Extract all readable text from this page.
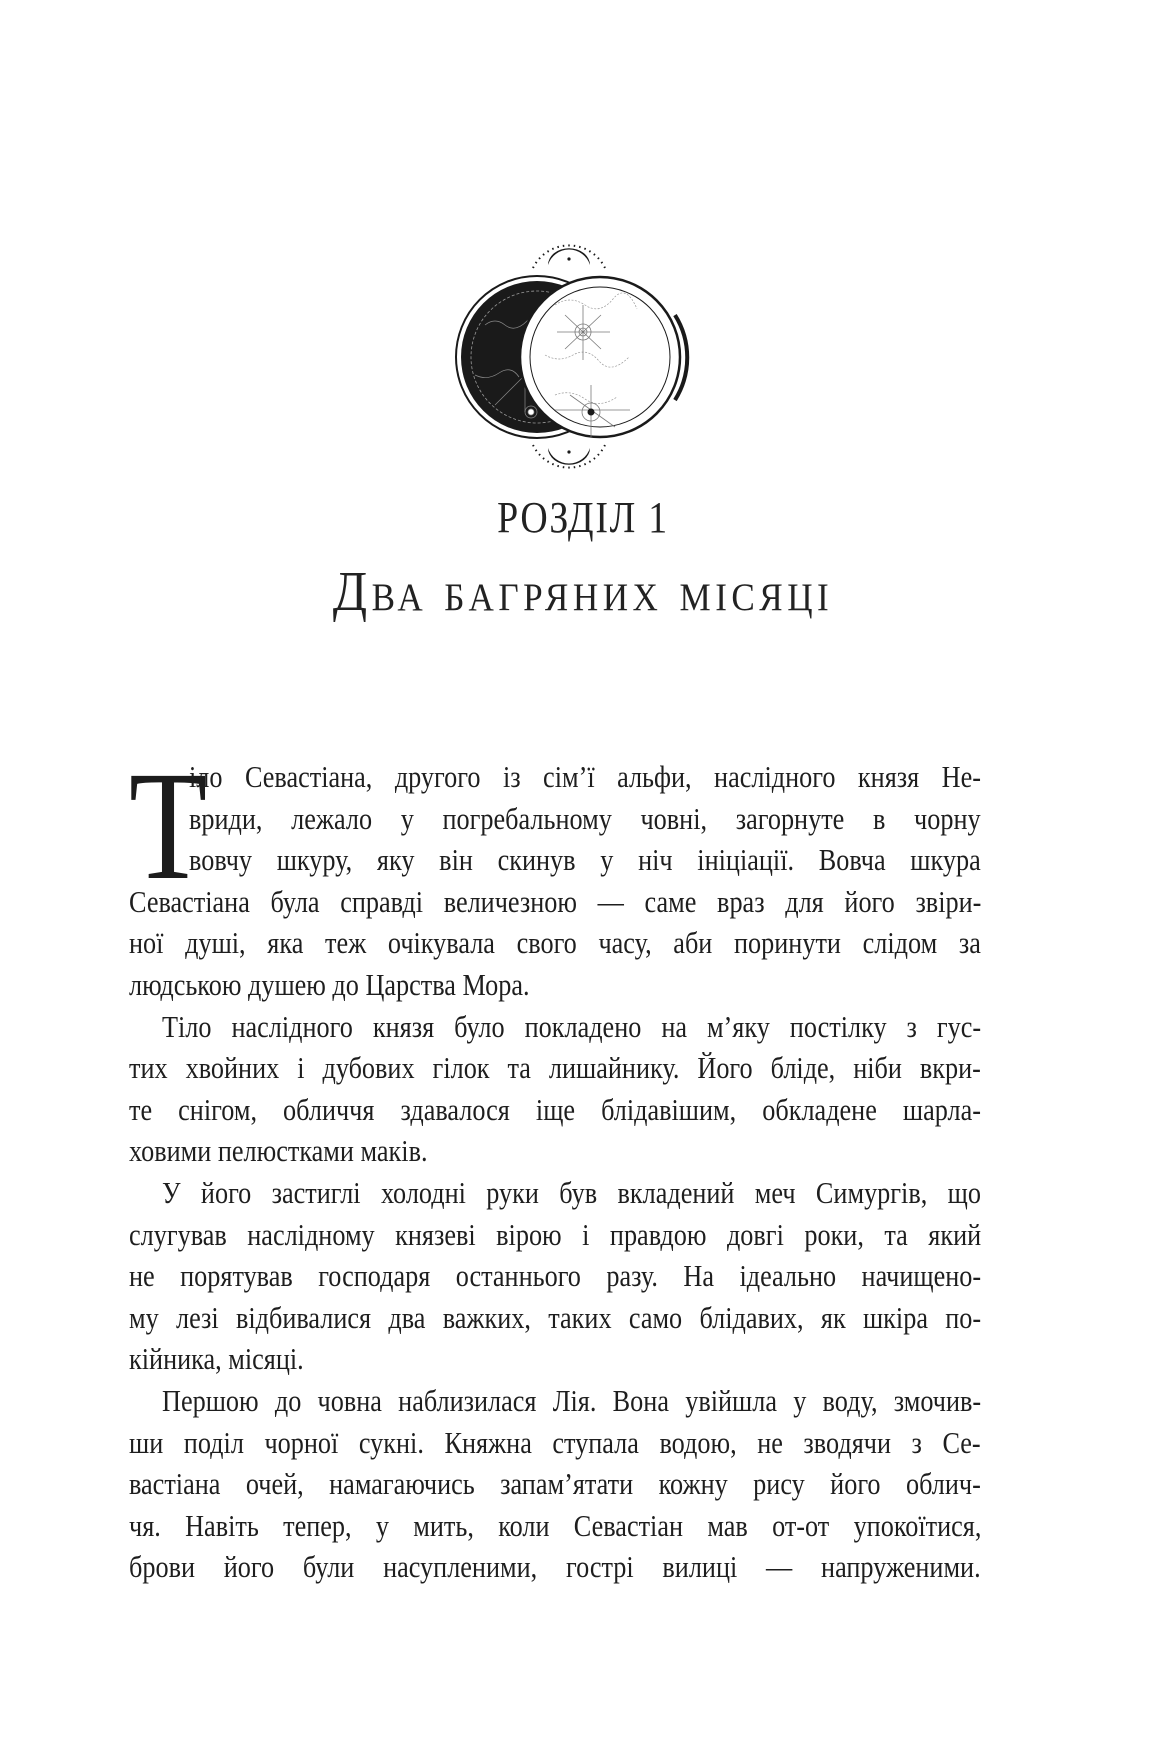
РОЗДІЛ 1
Два багряних місяці
Т
іло Севастіана, другого із сім’ї альфи, наслідного князя Не-
вриди, лежало у погребальному човні, загорнуте в чорну
вовчу шкуру, яку він скинув у ніч ініціації. Вовча шкура
Севастіана була справді величезною — саме враз для його звіри-
ної душі, яка теж очікувала свого часу, аби поринути слідом за
людською душею до Царства Мора.
Тіло наслідного князя було покладено на м’яку постілку з гус-
тих хвойних і дубових гілок та лишайнику. Його бліде, ніби вкри-
те снігом, обличчя здавалося іще блідавішим, обкладене шарла-
ховими пелюстками маків.
У його застиглі холодні руки був вкладений меч Симургів, що
слугував наслідному князеві вірою і правдою довгі роки, та який
не порятував господаря останнього разу. На ідеально начищено-
му лезі відбивалися два важких, таких само блідавих, як шкіра по-
кійника, місяці.
Першою до човна наблизилася Лія. Вона увійшла у воду, змочив-
ши поділ чорної сукні. Княжна ступала водою, не зводячи з Се-
вастіана очей, намагаючись запам’ятати кожну рису його облич-
чя. Навіть тепер, у мить, коли Севастіан мав от-от упокоїтися,
брови його були насупленими, гострі вилиці — напруженими.
